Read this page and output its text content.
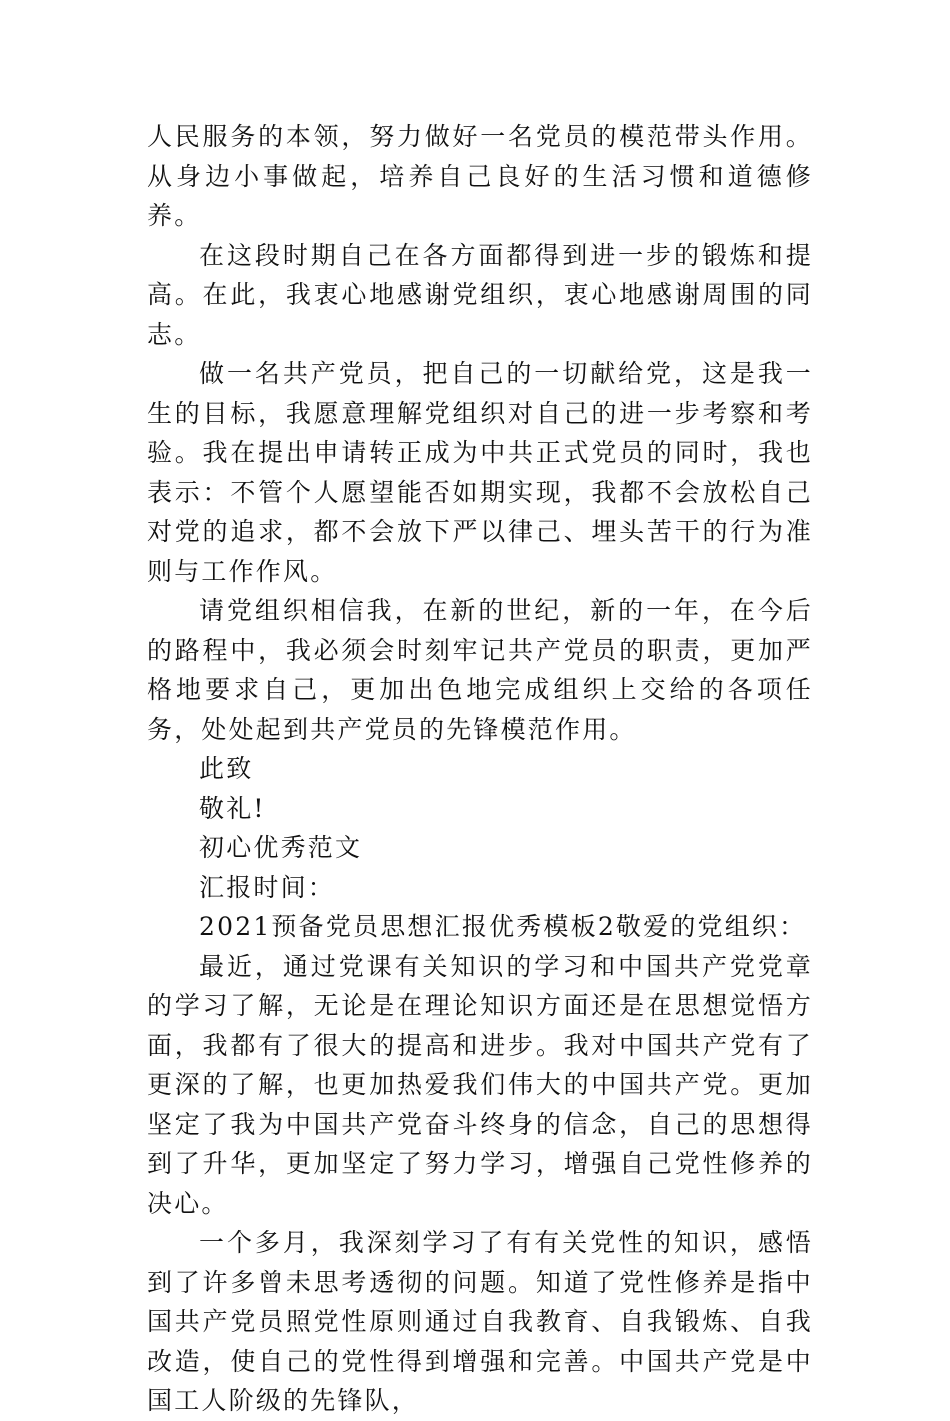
人民服务的本领，努力做好一名党员的模范带头作用。从身边小事做起，培养自己良好的生活习惯和道德修养。

在这段时期自己在各方面都得到进一步的锻炼和提高。在此，我衷心地感谢党组织，衷心地感谢周围的同志。

做一名共产党员，把自己的一切献给党，这是我一生的目标，我愿意理解党组织对自己的进一步考察和考验。我在提出申请转正成为中共正式党员的同时，我也表示：不管个人愿望能否如期实现，我都不会放松自己对党的追求，都不会放下严以律己、埋头苦干的行为准则与工作作风。

请党组织相信我，在新的世纪，新的一年，在今后的路程中，我必须会时刻牢记共产党员的职责，更加严格地要求自己，更加出色地完成组织上交给的各项任务，处处起到共产党员的先锋模范作用。

此致

敬礼!

初心优秀范文

汇报时间：

2021预备党员思想汇报优秀模板2敬爱的党组织：

最近，通过党课有关知识的学习和中国共产党党章的学习了解，无论是在理论知识方面还是在思想觉悟方面，我都有了很大的提高和进步。我对中国共产党有了更深的了解，也更加热爱我们伟大的中国共产党。更加坚定了我为中国共产党奋斗终身的信念，自己的思想得到了升华，更加坚定了努力学习，增强自己党性修养的决心。

一个多月，我深刻学习了有有关党性的知识，感悟到了许多曾未思考透彻的问题。知道了党性修养是指中国共产党员照党性原则通过自我教育、自我锻炼、自我改造，使自己的党性得到增强和完善。中国共产党是中国工人阶级的先锋队，
